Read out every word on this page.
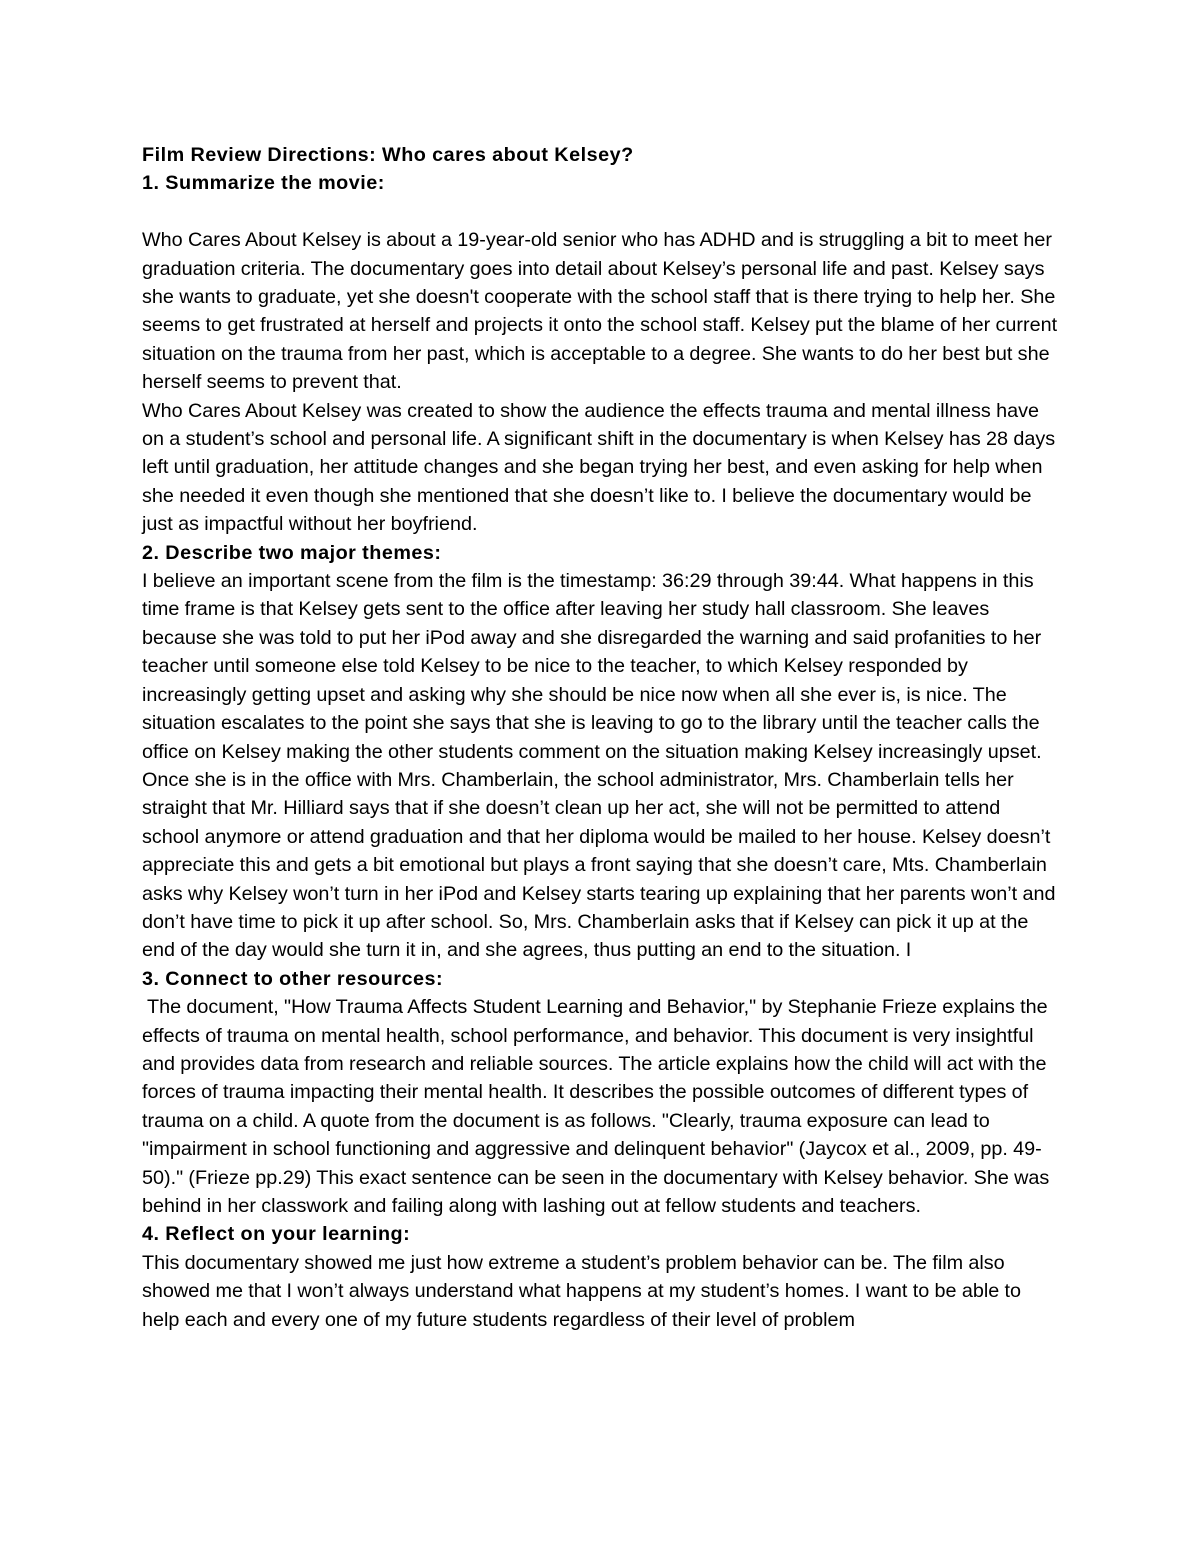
Film Review Directions: Who cares about Kelsey?
1. Summarize the movie:

Who Cares About Kelsey is about a 19-year-old senior who has ADHD and is struggling a bit to meet her graduation criteria. The documentary goes into detail about Kelsey’s personal life and past. Kelsey says she wants to graduate, yet she doesn't cooperate with the school staff that is there trying to help her. She seems to get frustrated at herself and projects it onto the school staff. Kelsey put the blame of her current situation on the trauma from her past, which is acceptable to a degree. She wants to do her best but she herself seems to prevent that.

Who Cares About Kelsey was created to show the audience the effects trauma and mental illness have on a student’s school and personal life. A significant shift in the documentary is when Kelsey has 28 days left until graduation, her attitude changes and she began trying her best, and even asking for help when she needed it even though she mentioned that she doesn’t like to. I believe the documentary would be just as impactful without her boyfriend.

2. Describe two major themes:

I believe an important scene from the film is the timestamp: 36:29 through 39:44. What happens in this time frame is that Kelsey gets sent to the office after leaving her study hall classroom. She leaves because she was told to put her iPod away and she disregarded the warning and said profanities to her teacher until someone else told Kelsey to be nice to the teacher, to which Kelsey responded by increasingly getting upset and asking why she should be nice now when all she ever is, is nice. The situation escalates to the point she says that she is leaving to go to the library until the teacher calls the office on Kelsey making the other students comment on the situation making Kelsey increasingly upset. Once she is in the office with Mrs. Chamberlain, the school administrator, Mrs. Chamberlain tells her straight that Mr. Hilliard says that if she doesn’t clean up her act, she will not be permitted to attend school anymore or attend graduation and that her diploma would be mailed to her house. Kelsey doesn’t appreciate this and gets a bit emotional but plays a front saying that she doesn’t care, Mts. Chamberlain asks why Kelsey won’t turn in her iPod and Kelsey starts tearing up explaining that her parents won’t and don’t have time to pick it up after school. So, Mrs. Chamberlain asks that if Kelsey can pick it up at the end of the day would she turn it in, and she agrees, thus putting an end to the situation. I

3. Connect to other resources:

The document, "How Trauma Affects Student Learning and Behavior," by Stephanie Frieze explains the effects of trauma on mental health, school performance, and behavior. This document is very insightful and provides data from research and reliable sources. The article explains how the child will act with the forces of trauma impacting their mental health. It describes the possible outcomes of different types of trauma on a child. A quote from the document is as follows. "Clearly, trauma exposure can lead to "impairment in school functioning and aggressive and delinquent behavior" (Jaycox et al., 2009, pp. 49-50)." (Frieze pp.29) This exact sentence can be seen in the documentary with Kelsey behavior. She was behind in her classwork and failing along with lashing out at fellow students and teachers.

4. Reflect on your learning:

This documentary showed me just how extreme a student’s problem behavior can be. The film also showed me that I won’t always understand what happens at my student’s homes. I want to be able to help each and every one of my future students regardless of their level of problem
